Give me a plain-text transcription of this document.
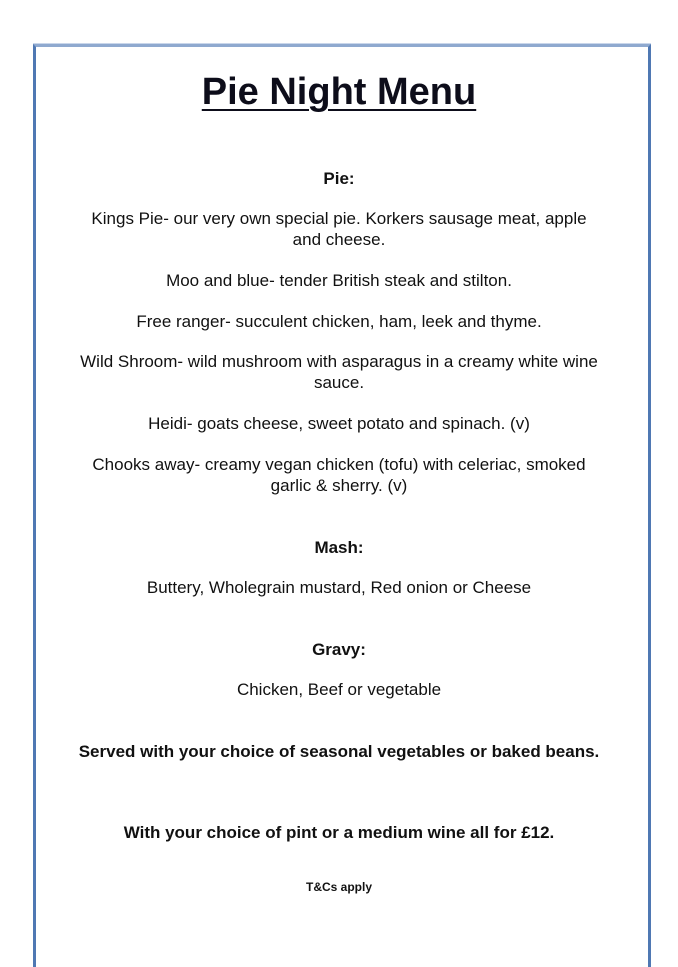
Pie Night Menu

Pie:

Kings Pie- our very own special pie. Korkers sausage meat, apple and cheese.

Moo and blue- tender British steak and stilton.

Free ranger- succulent chicken, ham, leek and thyme.

Wild Shroom- wild mushroom with asparagus in a creamy white wine sauce.

Heidi- goats cheese, sweet potato and spinach. (v)

Chooks away- creamy vegan chicken (tofu) with celeriac, smoked garlic & sherry. (v)

Mash:

Buttery, Wholegrain mustard, Red onion or Cheese

Gravy:

Chicken, Beef or vegetable

Served with your choice of seasonal vegetables or baked beans.

With your choice of pint or a medium wine all for £12.

T&Cs apply
